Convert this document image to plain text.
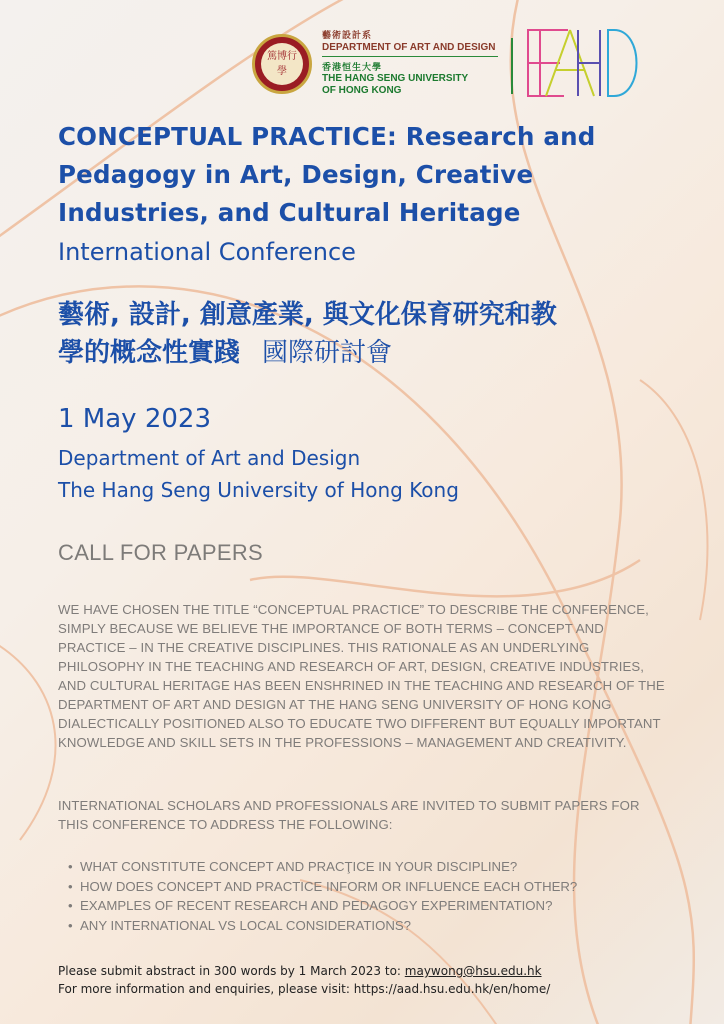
篤 博 行
學
藝術設計系
DEPARTMENT OF ART AND DESIGN
香港恒生大學
THE HANG SENG UNIVERSITY
OF HONG KONG
CONCEPTUAL PRACTICE: Research and
Pedagogy in Art, Design, Creative
Industries, and Cultural Heritage
International Conference
藝術, 設計, 創意產業, 與文化保育研究和教
學的概念性實踐 國際研討會
1 May 2023
Department of Art and Design
The Hang Seng University of Hong Kong
CALL FOR PAPERS

WE HAVE CHOSEN THE TITLE “CONCEPTUAL PRACTICE” TO DESCRIBE THE CONFERENCE, SIMPLY BECAUSE WE BELIEVE THE IMPORTANCE OF BOTH TERMS – CONCEPT AND PRACTICE – IN THE CREATIVE DISCIPLINES. THIS RATIONALE AS AN UNDERLYING PHILOSOPHY IN THE TEACHING AND RESEARCH OF ART, DESIGN, CREATIVE INDUSTRIES, AND CULTURAL HERITAGE HAS BEEN ENSHRINED IN THE TEACHING AND RESEARCH OF THE DEPARTMENT OF ART AND DESIGN AT THE HANG SENG UNIVERSITY OF HONG KONG DIALECTICALLY POSITIONED ALSO TO EDUCATE TWO DIFFERENT BUT EQUALLY IMPORTANT KNOWLEDGE AND SKILL SETS IN THE PROFESSIONS – MANAGEMENT AND CREATIVITY.

INTERNATIONAL SCHOLARS AND PROFESSIONALS ARE INVITED TO SUBMIT PAPERS FOR THIS CONFERENCE TO ADDRESS THE FOLLOWING:

• WHAT CONSTITUTE CONCEPT AND PRACŢICE IN YOUR DISCIPLINE?
• HOW DOES CONCEPT AND PRACTICE INFORM OR INFLUENCE EACH OTHER?
• EXAMPLES OF RECENT RESEARCH AND PEDAGOGY EXPERIMENTATION?
• ANY INTERNATIONAL VS LOCAL CONSIDERATIONS?
Please submit abstract in 300 words by 1 March 2023 to: maywong@hsu.edu.hk
For more information and enquiries, please visit: https://aad.hsu.edu.hk/en/home/
